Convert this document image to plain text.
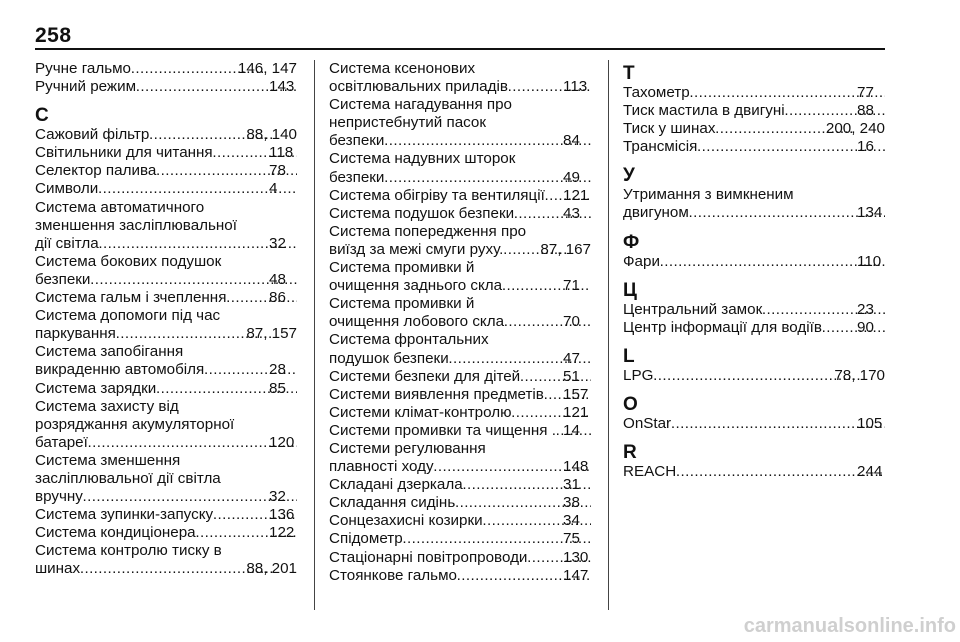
258
Ручне гальмо .....	146, 147
Ручний режим .....	143
С
Сажовий фільтр .....	88, 140
Світильники для читання .....	118
Селектор палива .....	78
Символи .....	4
Система автоматичного
зменшення засліплювальної
дії світла .....	32
Система бокових подушок
безпеки .....	48
Система гальм і зчеплення .....	86
Система допомоги під час
паркування .....	87, 157
Система запобігання
викраденню автомобіля .....	28
Система зарядки .....	85
Система захисту від
розряджання акумуляторної
батареї .....	120
Система зменшення
засліплювальної дії світла
вручну .....	32
Система зупинки-запуску .....	136
Система кондиціонера .....	122
Система контролю тиску в
шинах .....	88, 201
Система ксенонових
освітлювальних приладів .....	113
Система нагадування про
непристебнутий пасок
безпеки .....	84
Система надувних шторок
безпеки .....	49
Система обігріву та вентиляції ..... 121
Система подушок безпеки .....	43
Система попередження про
виїзд за межі смуги руху. ..... 87, 167
Система промивки й
очищення заднього скла .....	71
Система промивки й
очищення лобового скла .....	70
Система фронтальних
подушок безпеки .....	47
Системи безпеки для дітей .....	51
Системи виявлення предметів ..... 157
Системи клімат-контролю .....	121
Системи промивки та чищення . ..... 14
Системи регулювання
плавності ходу .....	148
Складані дзеркала .....	31
Складання сидінь .....	38
Сонцезахисні козирки .....	34
Спідометр .....	75
Стаціонарні повітропроводи ..... 130
Стоянкове гальмо .....	147
Т
Тахометр .....	77
Тиск мастила в двигуні .....	88
Тиск у шинах .....	200, 240
Трансмісія .....	16
У
Утримання з вимкненим
двигуном .....	134
Ф
Фари .....	110
Ц
Центральний замок .....	23
Центр інформації для водіїв ..... 90
L
LPG .....	78, 170
O
OnStar .....	105
R
REACH .....	244
carmanualsonline.info
